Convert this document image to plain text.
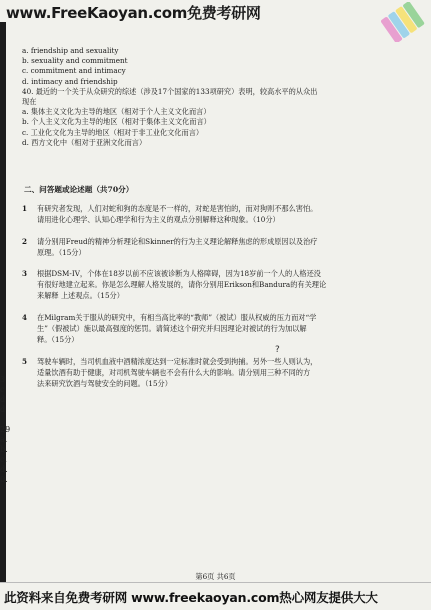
www.FreeKaoyan.com免费考研网
3
c
d
d
29
a.
b.
c.
d.
0.
a. friendship and sexuality
b. sexuality and commitment
c. commitment and intimacy
d. intimacy and friendship
40. 最近的一个关于从众研究的综述（涉及17个国家的133项研究）表明，较高水平的从众出
现在
a. 集体主义文化为主导的地区（相对于个人主义文化而言）
b. 个人主义文化为主导的地区（相对于集体主义文化而言）
c. 工业化文化为主导的地区（相对于非工业化文化而言）
d. 西方文化中（相对于亚洲文化而言）
二、问答题或论述题（共70分）
1 有研究者发现，人们对蛇和狗的态度是不一样的，对蛇是害怕的，而对狗则不那么害怕。
请用进化心理学、认知心理学和行为主义的观点分别解释这种现象。（10分）
2 请分别用Freud的精神分析理论和Skinner的行为主义理论解释焦虑的形成原因以及治疗
原理。（15分）
3 根据DSM-IV，个体在18岁以前不应该被诊断为人格障碍，因为18岁前一个人的人格还没
有很好地建立起来。你是怎么理解人格发展的，请你分别用Erikson和Bandura的有关理论
来解释 上述观点。（15分）
4 在Milgram关于服从的研究中，有相当高比率的“教师”（被试）服从权威的压力而对“学
生”（假被试）施以最高强度的惩罚。请简述这个研究并归因理论对被试的行为加以解
释。（15分）
?
5 驾驶车辆时，当司机血液中酒精浓度达到一定标准时就会受到拘捕。另外一些人则认为，
适量饮酒有助于健康，对司机驾驶车辆也不会有什么大的影响。请分别用三种不同的方
法来研究饮酒与驾驶安全的问题。（15分）
第6页 共6页
此资料来自免费考研网 www.freekaoyan.com热心网友提供大大
